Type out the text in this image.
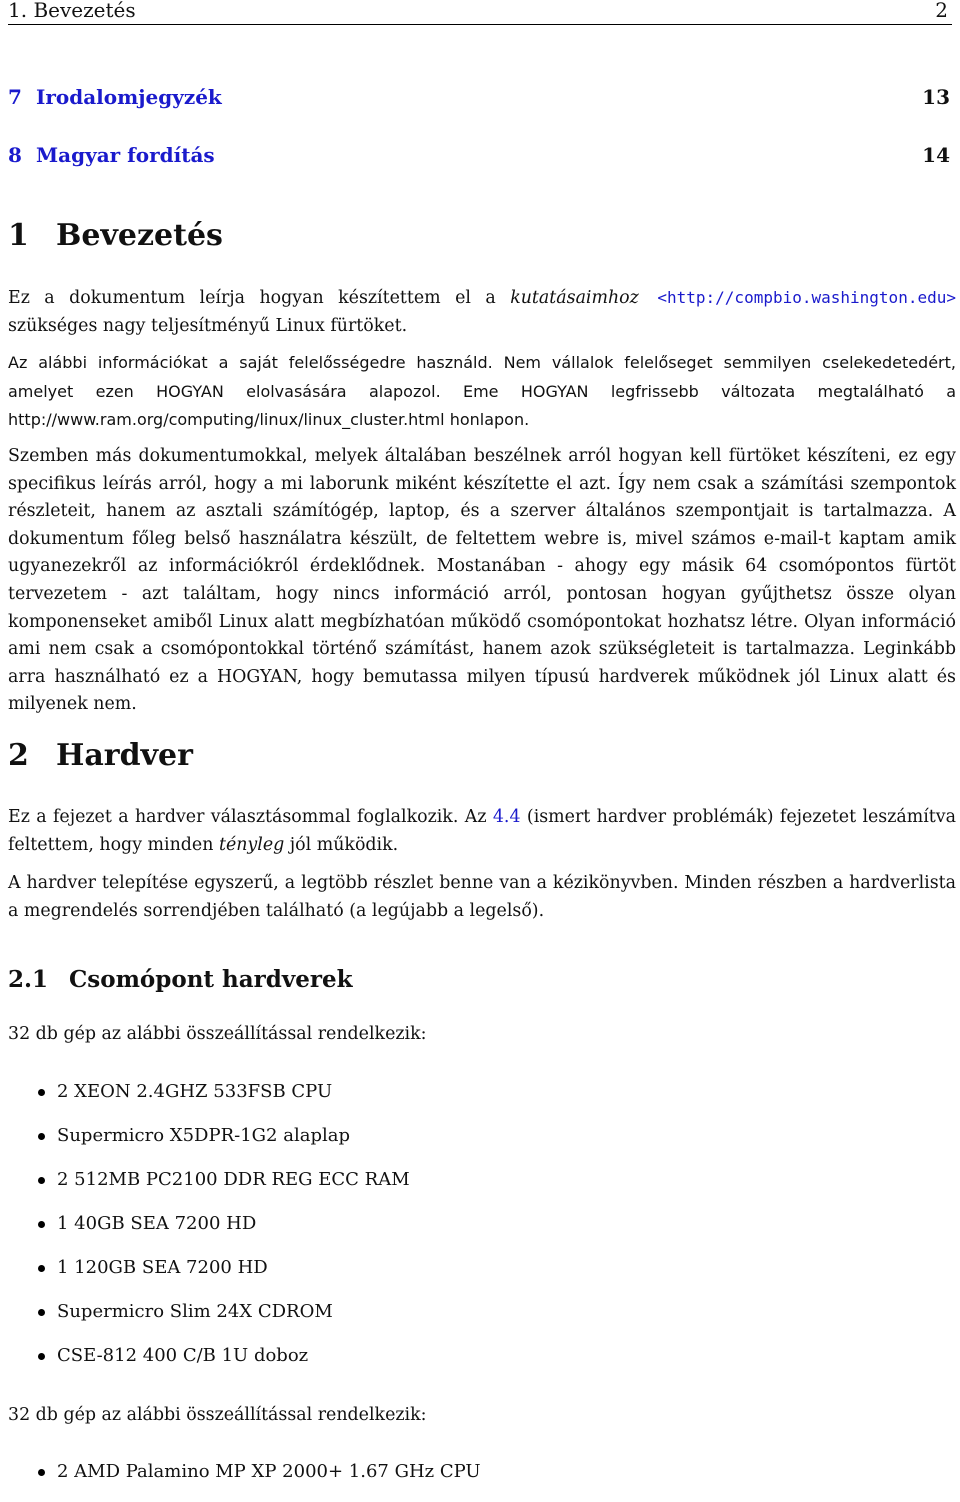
1. Bevezetés	2
7 Irodalomjegyzék	13
8 Magyar fordítás	14
1 Bevezetés
Ez a dokumentum leírja hogyan készítettem el a kutatásaimhoz <http://compbio.washington.edu> szükséges nagy teljesítményű Linux fürtöket.
Az alábbi információkat a saját felelősségedre használd. Nem vállalok felelőseget semmilyen cselekedetedért, amelyet ezen HOGYAN elolvasására alapozol. Eme HOGYAN legfrissebb változata megtalálható a http://www.ram.org/computing/linux/linux_cluster.html honlapon.
Szemben más dokumentumokkal, melyek általában beszélnek arról hogyan kell fürtöket készíteni, ez egy specifikus leírás arról, hogy a mi laborunk miként készítette el azt. Így nem csak a számítási szempontok részleteit, hanem az asztali számítógép, laptop, és a szerver általános szempontjait is tartalmazza. A dokumentum főleg belső használatra készült, de feltettem webre is, mivel számos e-mail-t kaptam amik ugyanezekről az információkról érdeklődnek. Mostanában - ahogy egy másik 64 csomópontos fürtöt tervezetem - azt találtam, hogy nincs információ arról, pontosan hogyan gyűjthetsz össze olyan komponenseket amiből Linux alatt megbízhatóan működő csomópontokat hozhatsz létre. Olyan információ ami nem csak a csomópontokkal történő számítást, hanem azok szükségleteit is tartalmazza. Leginkább arra használható ez a HOGYAN, hogy bemutassa milyen típusú hardverek működnek jól Linux alatt és milyenek nem.
2 Hardver
Ez a fejezet a hardver választásommal foglalkozik. Az 4.4 (ismert hardver problémák) fejezetet leszámítva feltettem, hogy minden tényleg jól működik.
A hardver telepítése egyszerű, a legtöbb részlet benne van a kézikönyvben. Minden részben a hardverlista a megrendelés sorrendjében található (a legújabb a legelső).
2.1 Csomópont hardverek
32 db gép az alábbi összeállítással rendelkezik:
2 XEON 2.4GHZ 533FSB CPU
Supermicro X5DPR-1G2 alaplap
2 512MB PC2100 DDR REG ECC RAM
1 40GB SEA 7200 HD
1 120GB SEA 7200 HD
Supermicro Slim 24X CDROM
CSE-812 400 C/B 1U doboz
32 db gép az alábbi összeállítással rendelkezik:
2 AMD Palamino MP XP 2000+ 1.67 GHz CPU
